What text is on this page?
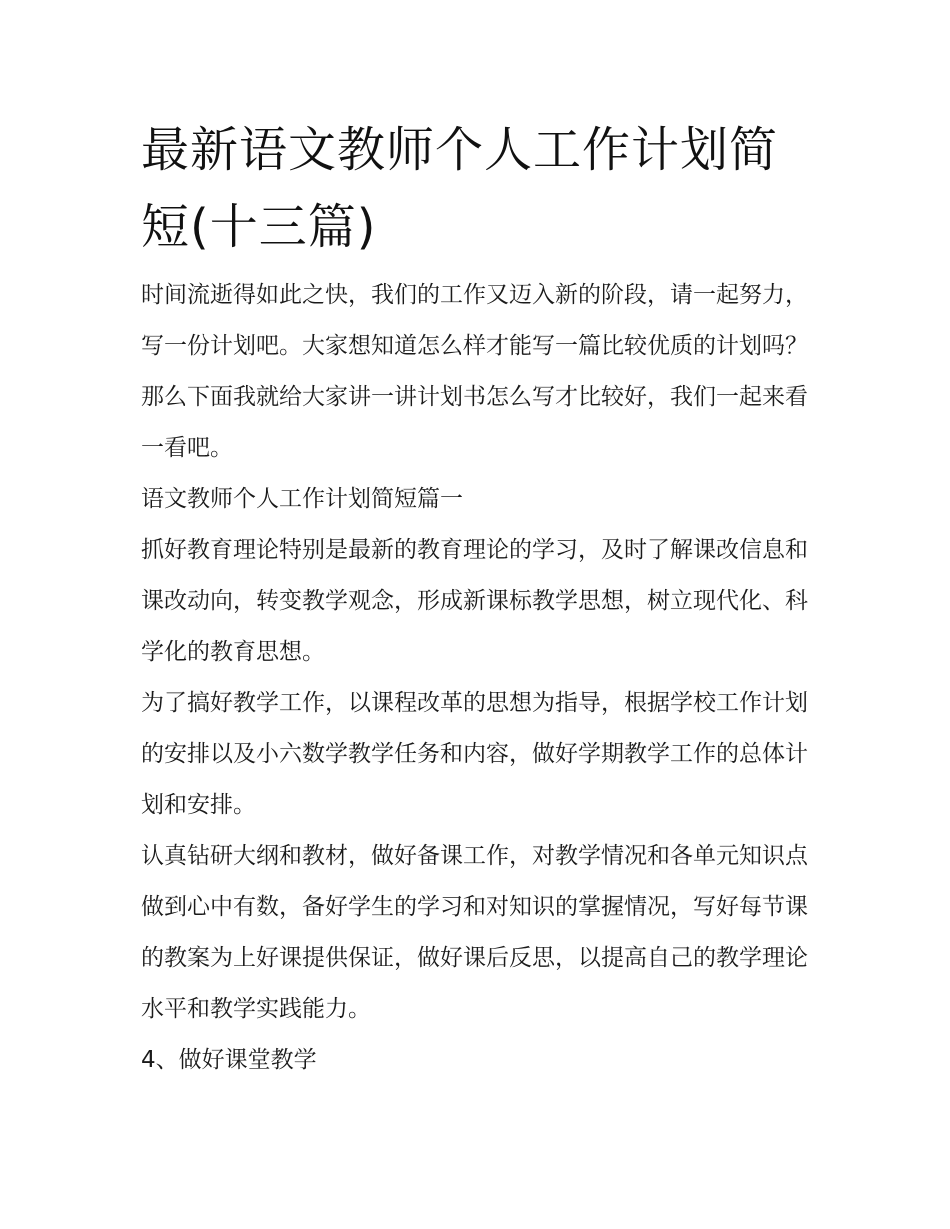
最新语文教师个人工作计划简短(十三篇)

时间流逝得如此之快，我们的工作又迈入新的阶段，请一起努力，写一份计划吧。大家想知道怎么样才能写一篇比较优质的计划吗？那么下面我就给大家讲一讲计划书怎么写才比较好，我们一起来看一看吧。

语文教师个人工作计划简短篇一

抓好教育理论特别是最新的教育理论的学习，及时了解课改信息和课改动向，转变教学观念，形成新课标教学思想，树立现代化、科学化的教育思想。

为了搞好教学工作，以课程改革的思想为指导，根据学校工作计划的安排以及小六数学教学任务和内容，做好学期教学工作的总体计划和安排。

认真钻研大纲和教材，做好备课工作，对教学情况和各单元知识点做到心中有数，备好学生的学习和对知识的掌握情况，写好每节课的教案为上好课提供保证，做好课后反思，以提高自己的教学理论水平和教学实践能力。

4、做好课堂教学
